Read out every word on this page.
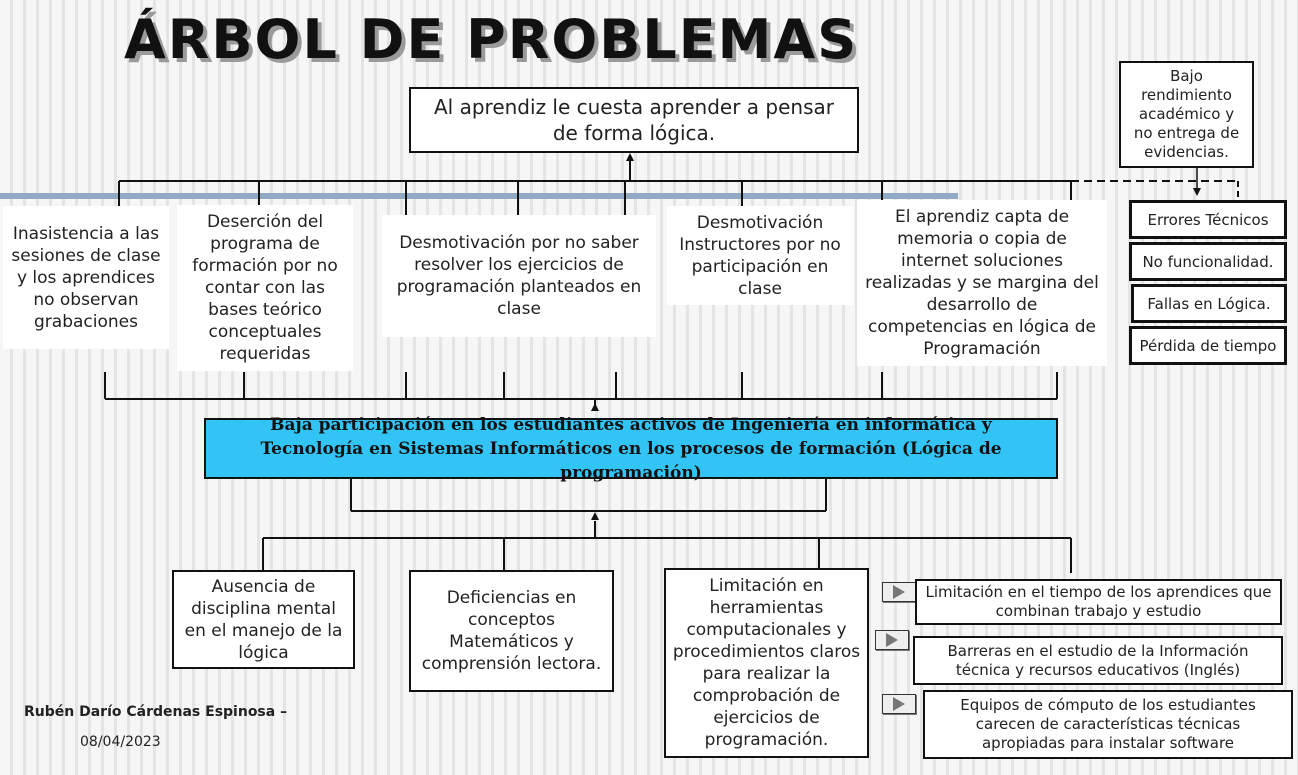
ÁRBOL DE PROBLEMAS
Al aprendiz le cuesta aprender a pensar de forma lógica.
Bajo rendimiento académico y no entrega de evidencias.
Inasistencia a las sesiones de clase y los aprendices no observan grabaciones
Deserción del programa de formación por no contar con las bases teórico conceptuales requeridas
Desmotivación por no saber resolver los ejercicios de programación planteados en clase
Desmotivación Instructores por no participación en clase
El aprendiz capta de memoria o copia de internet soluciones realizadas y se margina del desarrollo de competencias en lógica de Programación
Errores Técnicos
No funcionalidad.
Fallas en Lógica.
Pérdida de tiempo
Baja participación en los estudiantes activos de Ingeniería en informática y Tecnología en Sistemas Informáticos en los procesos de formación (Lógica de programación)
Ausencia de disciplina mental en el manejo de la lógica
Deficiencias en conceptos Matemáticos y comprensión lectora.
Limitación en herramientas computacionales y procedimientos claros para realizar la comprobación de ejercicios de programación.
Limitación en el tiempo de los aprendices que combinan trabajo y estudio
Barreras en el estudio de la Información técnica y recursos educativos (Inglés)
Equipos de cómputo de los estudiantes carecen de características técnicas apropiadas para instalar software
Rubén Darío Cárdenas Espinosa –
08/04/2023
